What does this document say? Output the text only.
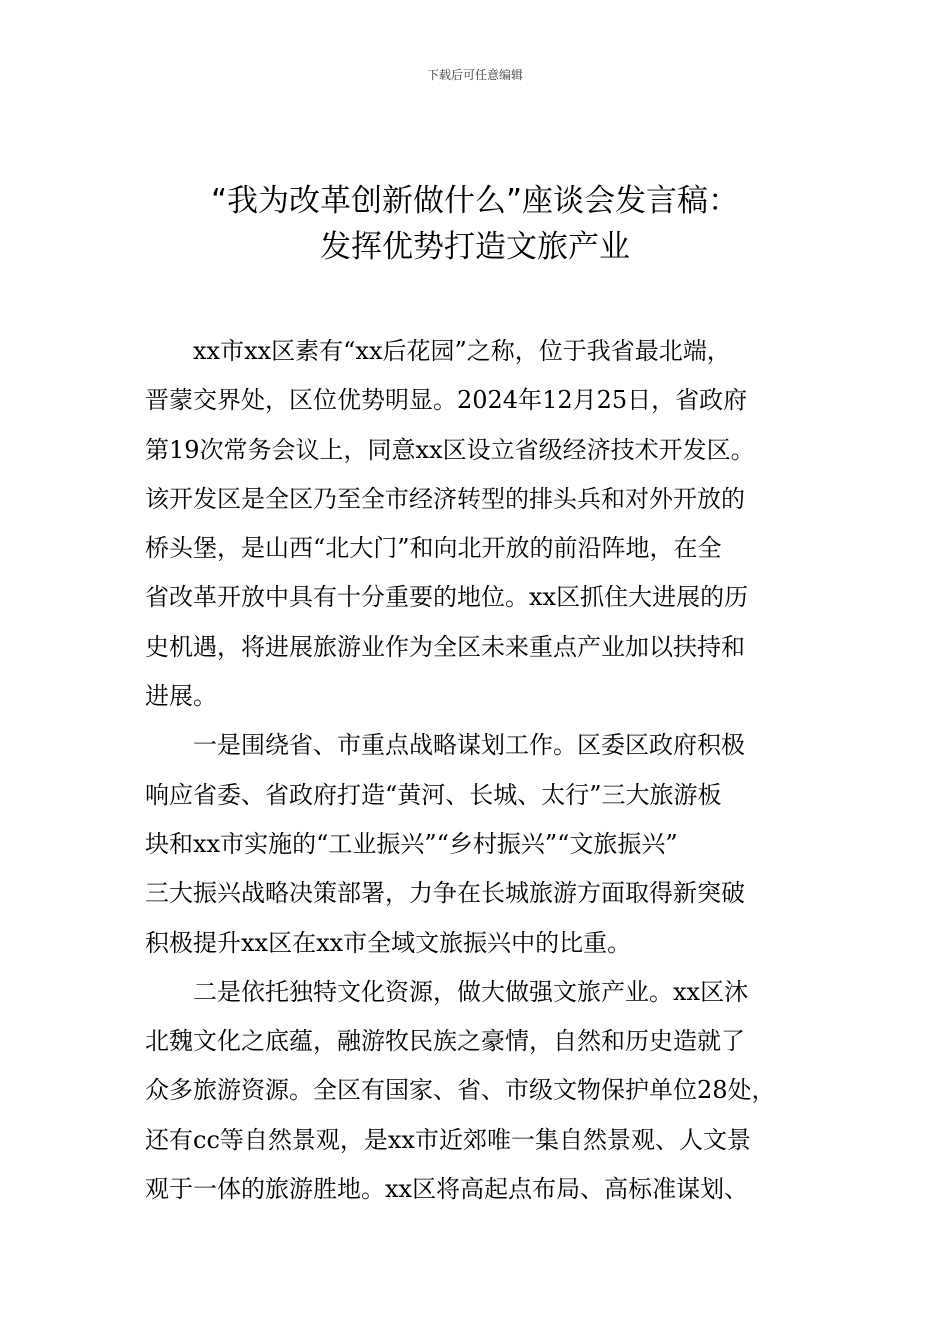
下载后可任意编辑
“我为改革创新做什么”座谈会发言稿：
发挥优势打造文旅产业
xx市xx区素有“xx后花园”之称，位于我省最北端，
晋蒙交界处，区位优势明显。2024年12月25日，省政府
第19次常务会议上，同意xx区设立省级经济技术开发区。
该开发区是全区乃至全市经济转型的排头兵和对外开放的
桥头堡，是山西“北大门”和向北开放的前沿阵地，在全
省改革开放中具有十分重要的地位。xx区抓住大进展的历
史机遇，将进展旅游业作为全区未来重点产业加以扶持和
进展。
一是围绕省、市重点战略谋划工作。区委区政府积极
响应省委、省政府打造“黄河、长城、太行”三大旅游板
块和xx市实施的“工业振兴”“乡村振兴”“文旅振兴”
三大振兴战略决策部署，力争在长城旅游方面取得新突破
积极提升xx区在xx市全域文旅振兴中的比重。
二是依托独特文化资源，做大做强文旅产业。xx区沐
北魏文化之底蕴，融游牧民族之豪情，自然和历史造就了
众多旅游资源。全区有国家、省、市级文物保护单位28处，
还有cc等自然景观，是xx市近郊唯一集自然景观、人文景
观于一体的旅游胜地。xx区将高起点布局、高标准谋划、
